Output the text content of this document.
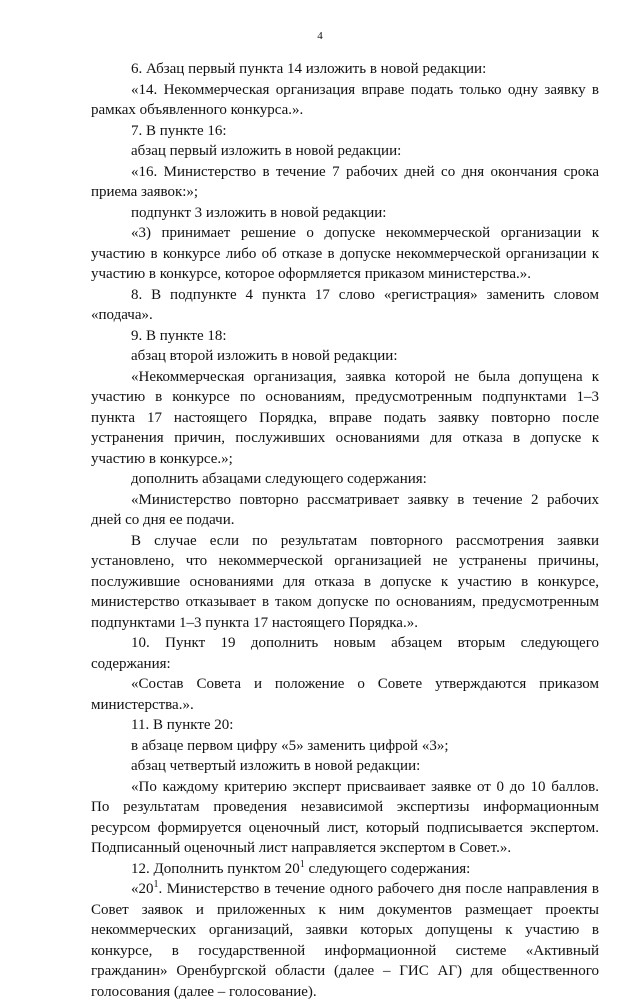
4

6. Абзац первый пункта 14 изложить в новой редакции:

«14. Некоммерческая организация вправе подать только одну заявку в рамках объявленного конкурса.».

7. В пункте 16:

абзац первый изложить в новой редакции:

«16. Министерство в течение 7 рабочих дней со дня окончания срока приема заявок:»;

подпункт 3 изложить в новой редакции:

«3) принимает решение о допуске некоммерческой организации к участию в конкурсе либо об отказе в допуске некоммерческой организации к участию в конкурсе, которое оформляется приказом министерства.».

8. В подпункте 4 пункта 17 слово «регистрация» заменить словом «подача».

9. В пункте 18:

абзац второй изложить в новой редакции:

«Некоммерческая организация, заявка которой не была допущена к участию в конкурсе по основаниям, предусмотренным подпунктами 1–3 пункта 17 настоящего Порядка, вправе подать заявку повторно после устранения причин, послуживших основаниями для отказа в допуске к участию в конкурсе.»;

дополнить абзацами следующего содержания:

«Министерство повторно рассматривает заявку в течение 2 рабочих дней со дня ее подачи.

В случае если по результатам повторного рассмотрения заявки установлено, что некоммерческой организацией не устранены причины, послужившие основаниями для отказа в допуске к участию в конкурсе, министерство отказывает в таком допуске по основаниям, предусмотренным подпунктами 1–3 пункта 17 настоящего Порядка.».

10. Пункт 19 дополнить новым абзацем вторым следующего содержания:

«Состав Совета и положение о Совете утверждаются приказом министерства.».

11. В пункте 20:

в абзаце первом цифру «5» заменить цифрой «3»;

абзац четвертый изложить в новой редакции:

«По каждому критерию эксперт присваивает заявке от 0 до 10 баллов. По результатам проведения независимой экспертизы информационным ресурсом формируется оценочный лист, который подписывается экспертом. Подписанный оценочный лист направляется экспертом в Совет.».

12. Дополнить пунктом $20^1$ следующего содержания:

«$20^1$. Министерство в течение одного рабочего дня после направления в Совет заявок и приложенных к ним документов размещает проекты некоммерческих организаций, заявки которых допущены к участию в конкурсе, в государственной информационной системе «Активный гражданин» Оренбургской области (далее – ГИС АГ) для общественного голосования (далее – голосование).
